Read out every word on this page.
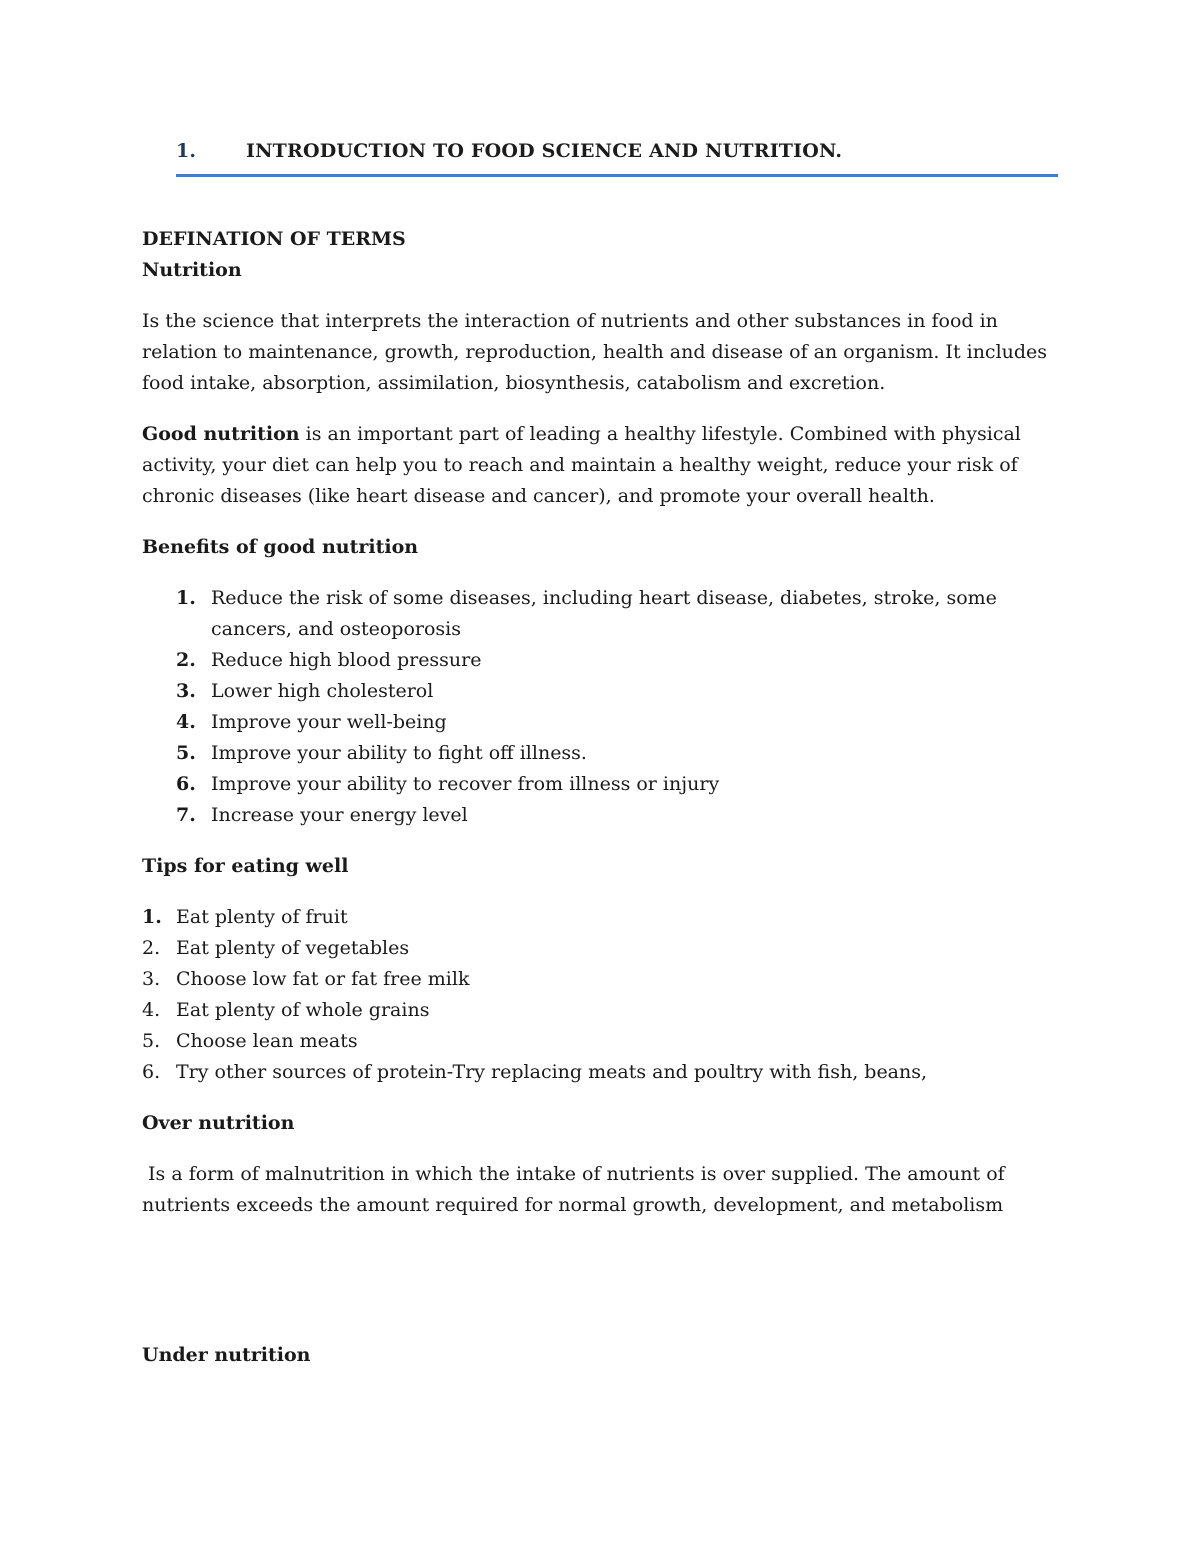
1.	INTRODUCTION TO FOOD SCIENCE AND NUTRITION.

DEFINATION OF TERMS

Nutrition

Is the science that interprets the interaction of nutrients and other substances in food in relation to maintenance, growth, reproduction, health and disease of an organism. It includes food intake, absorption, assimilation, biosynthesis, catabolism and excretion.

Good nutrition is an important part of leading a healthy lifestyle. Combined with physical activity, your diet can help you to reach and maintain a healthy weight, reduce your risk of chronic diseases (like heart disease and cancer), and promote your overall health.

Benefits of good nutrition

1. Reduce the risk of some diseases, including heart disease, diabetes, stroke, some cancers, and osteoporosis
2. Reduce high blood pressure
3. Lower high cholesterol
4. Improve your well-being
5. Improve your ability to fight off illness.
6. Improve your ability to recover from illness or injury
7. Increase your energy level

Tips for eating well

1. Eat plenty of fruit
2. Eat plenty of vegetables
3. Choose low fat or fat free milk
4. Eat plenty of whole grains
5. Choose lean meats
6. Try other sources of protein-Try replacing meats and poultry with fish, beans,

Over nutrition

Is a form of malnutrition in which the intake of nutrients is over supplied. The amount of nutrients exceeds the amount required for normal growth, development, and metabolism

Under nutrition
